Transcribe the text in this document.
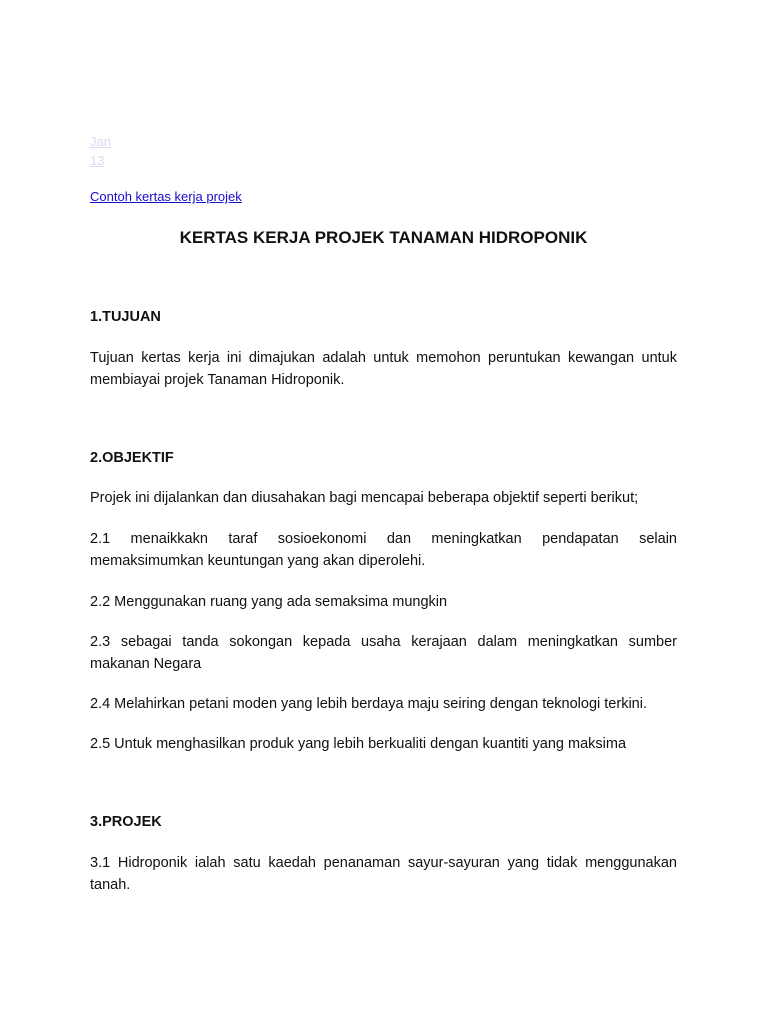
Jan
13
Contoh kertas kerja projek
KERTAS KERJA PROJEK TANAMAN HIDROPONIK
1.TUJUAN

Tujuan kertas kerja ini dimajukan adalah untuk memohon peruntukan kewangan untuk membiayai projek Tanaman Hidroponik.

2.OBJEKTIF

Projek ini dijalankan dan diusahakan bagi mencapai beberapa objektif seperti berikut;

2.1 menaikkakn taraf sosioekonomi dan meningkatkan pendapatan selain memaksimumkan keuntungan yang akan diperolehi.

2.2 Menggunakan ruang yang ada semaksima mungkin

2.3 sebagai tanda sokongan kepada usaha kerajaan dalam meningkatkan sumber makanan Negara

2.4 Melahirkan petani moden yang lebih berdaya maju seiring dengan teknologi terkini.

2.5 Untuk menghasilkan produk yang lebih berkualiti dengan kuantiti yang maksima

3.PROJEK

3.1 Hidroponik ialah satu kaedah penanaman sayur-sayuran yang tidak menggunakan tanah.
